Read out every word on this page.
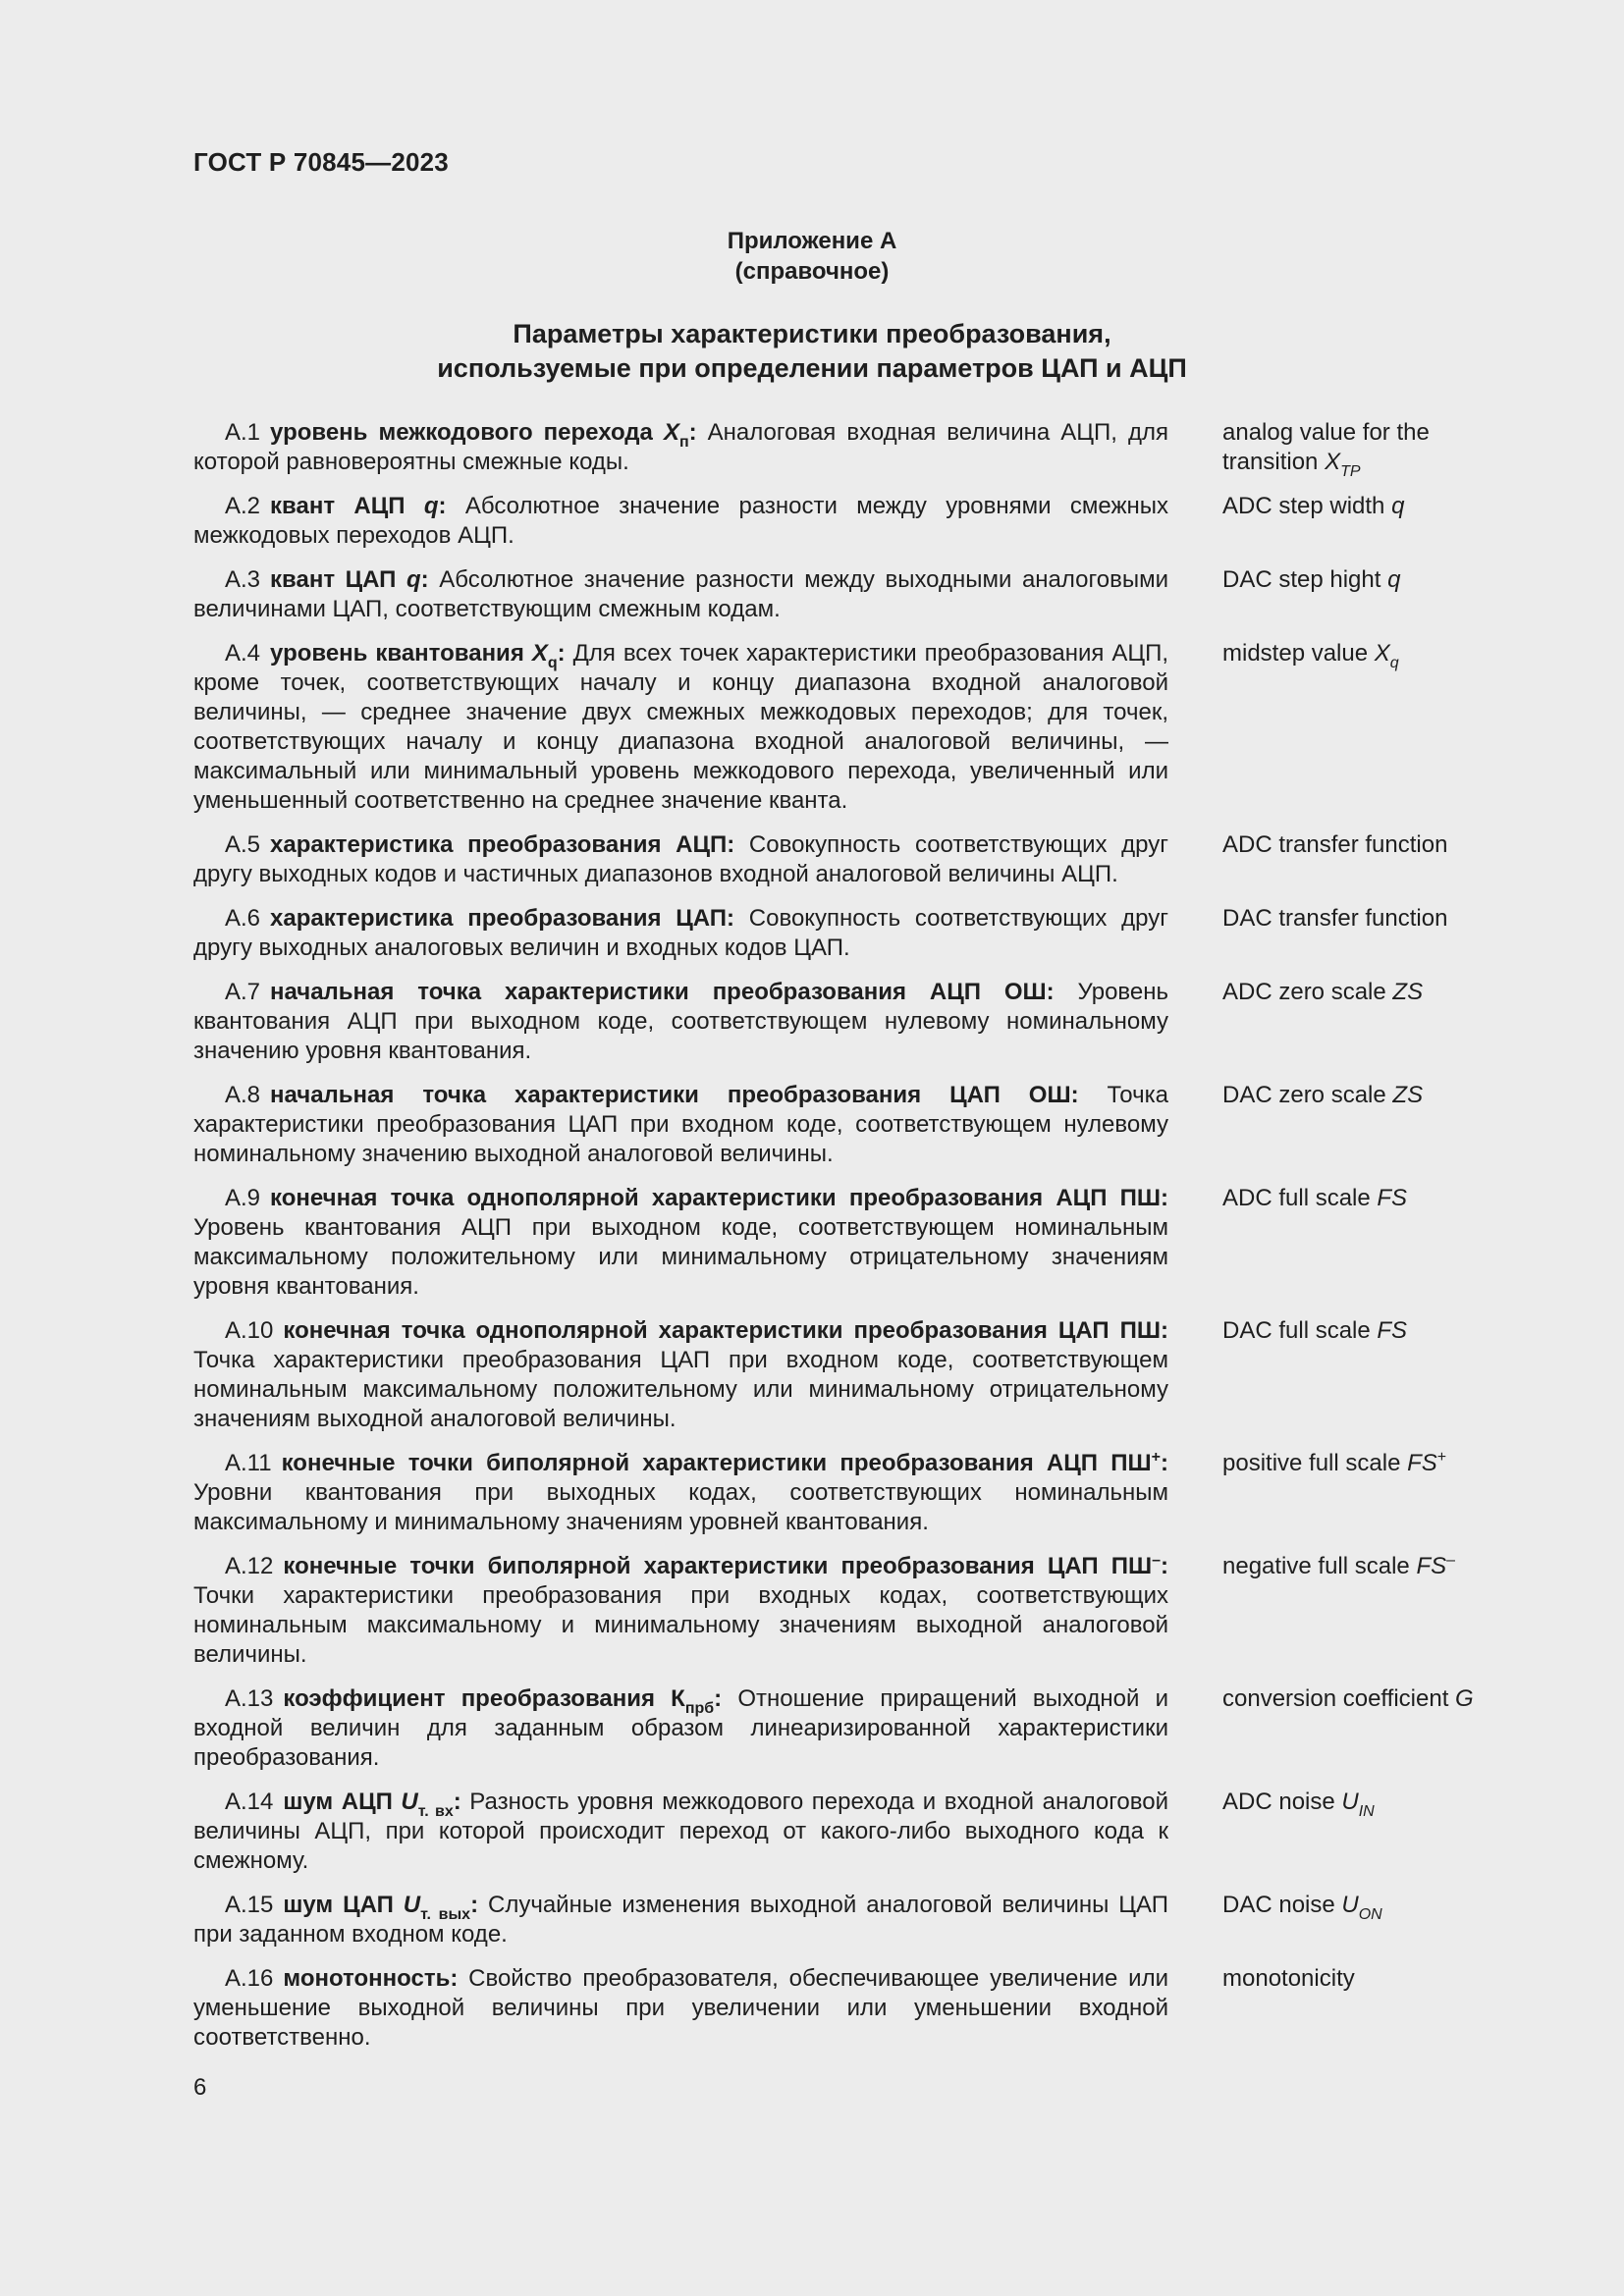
ГОСТ Р 70845—2023
Приложение А
(справочное)
Параметры характеристики преобразования,
используемые при определении параметров ЦАП и АЦП
А.1 уровень межкодового перехода $X_п$: Аналоговая входная величина АЦП, для которой равновероятны смежные коды.
analog value for the transition $X_{TP}$
А.2 квант АЦП q: Абсолютное значение разности между уровнями смежных межкодовых переходов АЦП.
ADC step width q
А.3 квант ЦАП q: Абсолютное значение разности между выходными аналоговыми величинами ЦАП, соответствующим смежным кодам.
DAC step hight q
А.4 уровень квантования $X_q$: Для всех точек характеристики преобразования АЦП, кроме точек, соответствующих началу и концу диапазона входной аналоговой величины, — среднее значение двух смежных межкодовых переходов; для точек, соответствующих началу и концу диапазона входной аналоговой величины, — максимальный или минимальный уровень межкодового перехода, увеличенный или уменьшенный соответственно на среднее значение кванта.
midstep value $X_q$
А.5 характеристика преобразования АЦП: Совокупность соответствующих друг другу выходных кодов и частичных диапазонов входной аналоговой величины АЦП.
ADC transfer function
А.6 характеристика преобразования ЦАП: Совокупность соответствующих друг другу выходных аналоговых величин и входных кодов ЦАП.
DAC transfer function
А.7 начальная точка характеристики преобразования АЦП ОШ: Уровень квантования АЦП при выходном коде, соответствующем нулевому номинальному значению уровня квантования.
ADC zero scale ZS
А.8 начальная точка характеристики преобразования ЦАП ОШ: Точка характеристики преобразования ЦАП при входном коде, соответствующем нулевому номинальному значению выходной аналоговой величины.
DAC zero scale ZS
А.9 конечная точка однополярной характеристики преобразования АЦП ПШ: Уровень квантования АЦП при выходном коде, соответствующем номинальным максимальному положительному или минимальному отрицательному значениям уровня квантования.
ADC full scale FS
А.10 конечная точка однополярной характеристики преобразования ЦАП ПШ: Точка характеристики преобразования ЦАП при входном коде, соответствующем номинальным максимальному положительному или минимальному отрицательному значениям выходной аналоговой величины.
DAC full scale FS
А.11 конечные точки биполярной характеристики преобразования АЦП ПШ+: Уровни квантования при выходных кодах, соответствующих номинальным максимальному и минимальному значениям уровней квантования.
positive full scale FS+
А.12 конечные точки биполярной характеристики преобразования ЦАП ПШ–: Точки характеристики преобразования при входных кодах, соответствующих номинальным максимальному и минимальному значениям выходной аналоговой величины.
negative full scale FS–
А.13 коэффициент преобразования $К_{прб}$: Отношение приращений выходной и входной величин для заданным образом линеаризированной характеристики преобразования.
conversion coefficient G
А.14 шум АЦП $U_{т. вх}$: Разность уровня межкодового перехода и входной аналоговой величины АЦП, при которой происходит переход от какого-либо выходного кода к смежному.
ADC noise $U_{IN}$
А.15 шум ЦАП $U_{т. вых}$: Случайные изменения выходной аналоговой величины ЦАП при заданном входном коде.
DAC noise $U_{ON}$
А.16 монотонность: Свойство преобразователя, обеспечивающее увеличение или уменьшение выходной величины при увеличении или уменьшении входной соответственно.
monotonicity
6
